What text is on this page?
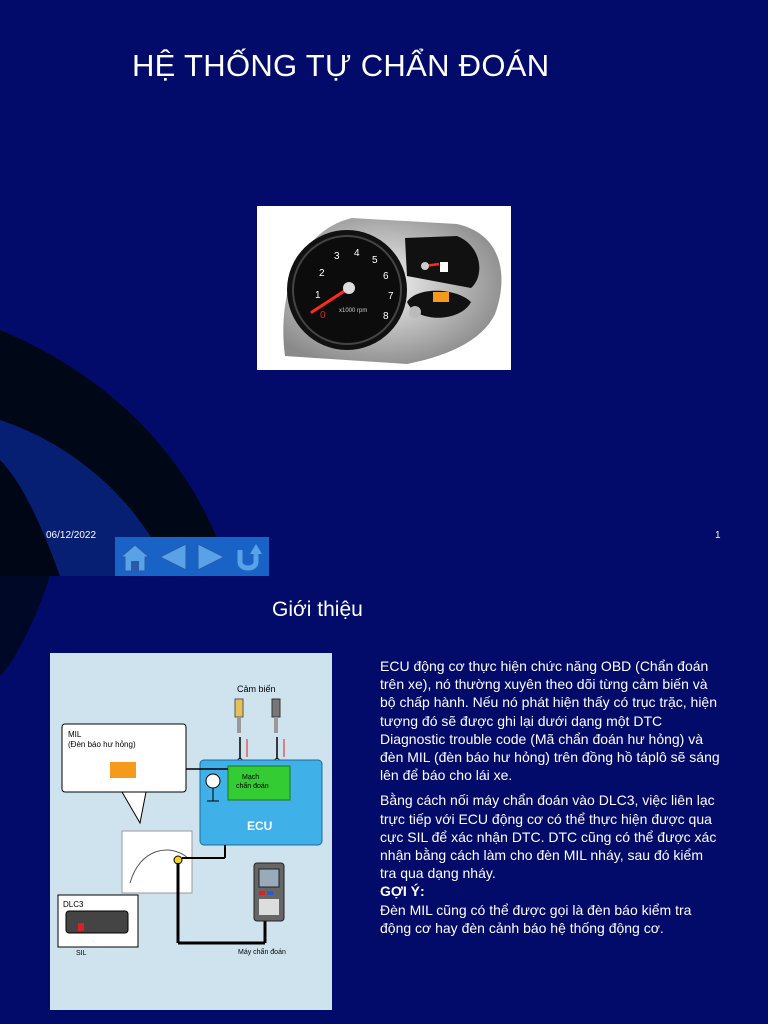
HỆ THỐNG TỰ CHẨN ĐOÁN
0
1
2
3 4
5
6
7
8
x1000 rpm
06/12/2022	1
Giới thiệu
Cảm biến
Mạch
chẩn đoán
ECU
MIL
(Đèn báo hư hỏng)
DLC3
SIL	Máy chẩn đoán

ECU động cơ thực hiện chức năng OBD (Chẩn đoán trên xe), nó thường xuyên theo dõi từng cảm biến và bộ chấp hành. Nếu nó phát hiện thấy có trục trặc, hiện tượng đó sẽ được ghi lại dưới dạng một DTC Diagnostic trouble code (Mã chẩn đoán hư hỏng) và đèn MIL (đèn báo hư hỏng) trên đồng hồ táplô sẽ sáng lên để báo cho lái xe.

Bằng cách nối máy chẩn đoán vào DLC3, việc liên lạc trực tiếp với ECU động cơ có thể thực hiện được qua cực SIL để xác nhận DTC. DTC cũng có thể được xác nhận bằng cách làm cho đèn MIL nháy, sau đó kiểm tra qua dạng nháy.

GỢI Ý:
Đèn MIL cũng có thể được gọi là đèn báo kiểm tra động cơ hay đèn cảnh báo hệ thống động cơ.
